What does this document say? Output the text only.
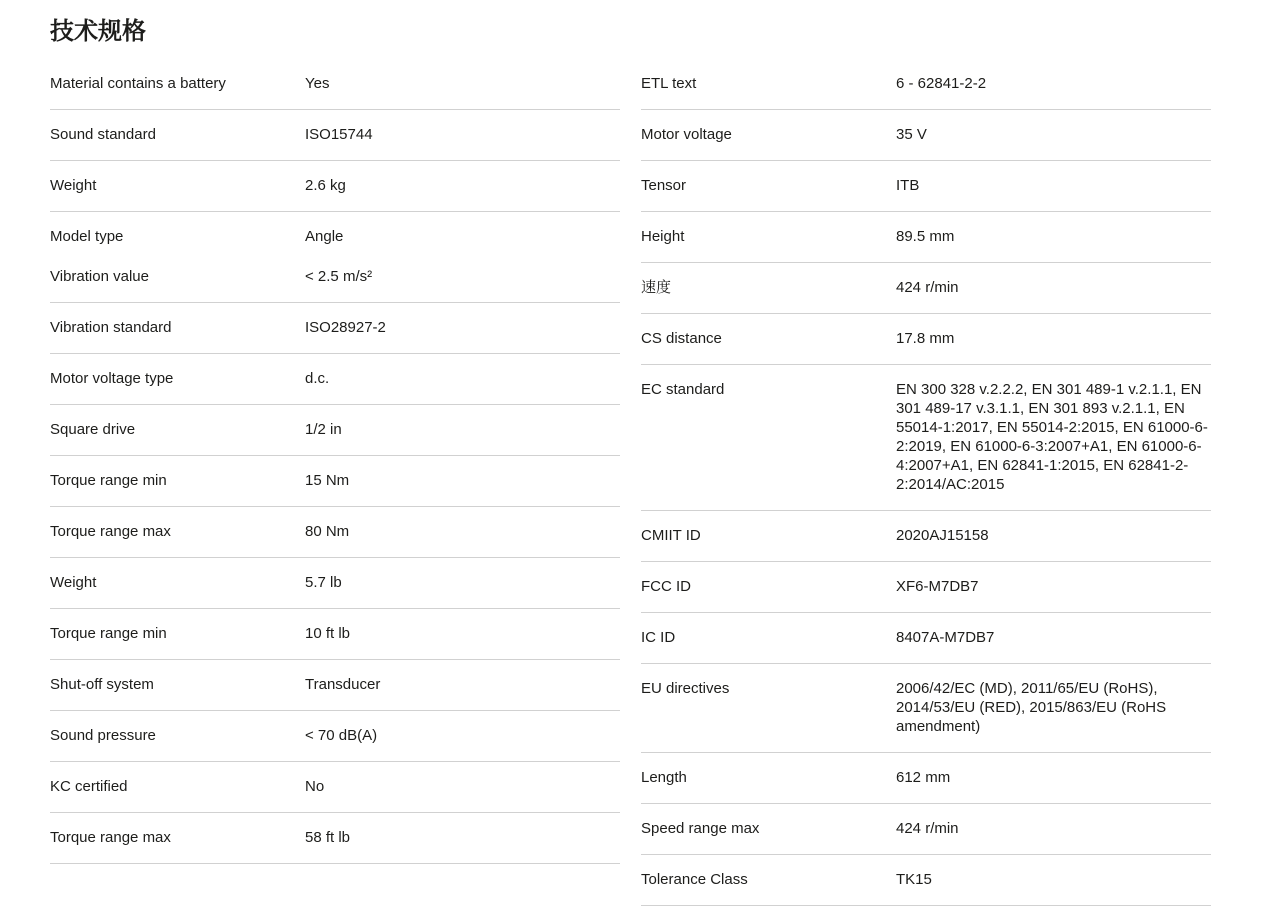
技术规格
Material contains a battery	Yes
Sound standard	ISO15744
Weight	2.6 kg
Model type	Angle
Vibration value	< 2.5 m/s²
Vibration standard	ISO28927-2
Motor voltage type	d.c.
Square drive	1/2 in
Torque range min	15 Nm
Torque range max	80 Nm
Weight	5.7 lb
Torque range min	10 ft lb
Shut-off system	Transducer
Sound pressure	< 70 dB(A)
KC certified	No
Torque range max	58 ft lb
ETL text	6 - 62841-2-2
Motor voltage	35 V
Tensor	ITB
Height	89.5 mm
速度	424 r/min
CS distance	17.8 mm
EC standard	EN 300 328 v.2.2.2, EN 301 489-1 v.2.1.1, EN 301 489-17 v.3.1.1, EN 301 893 v.2.1.1, EN 55014-1:2017, EN 55014-2:2015, EN 61000-6-2:2019, EN 61000-6-3:2007+A1, EN 61000-6-4:2007+A1, EN 62841-1:2015, EN 62841-2-2:2014/AC:2015
CMIIT ID	2020AJ15158
FCC ID	XF6-M7DB7
IC ID	8407A-M7DB7
EU directives	2006/42/EC (MD), 2011/65/EU (RoHS), 2014/53/EU (RED), 2015/863/EU (RoHS amendment)
Length	612 mm
Speed range max	424 r/min
Tolerance Class	TK15
